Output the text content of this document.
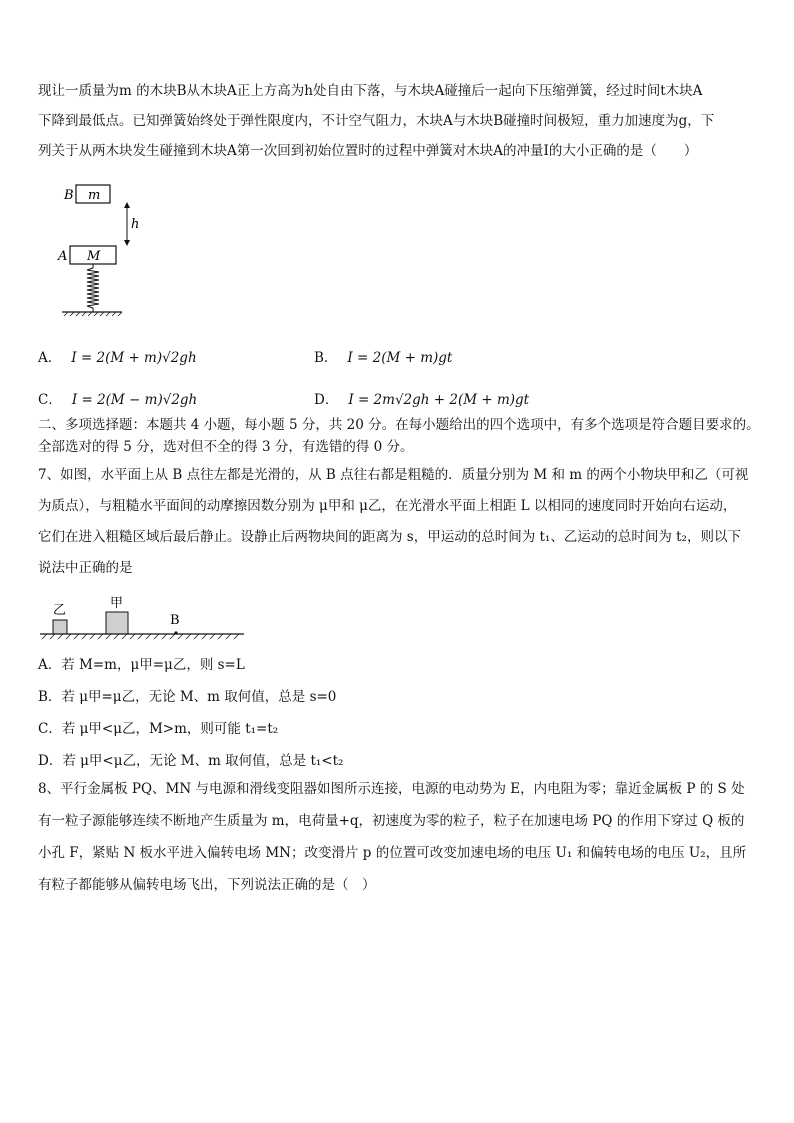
现让一质量为m 的木块B从木块A正上方高为h处自由下落，与木块A碰撞后一起向下压缩弹簧，经过时间t木块A
下降到最低点。已知弹簧始终处于弹性限度内，不计空气阻力，木块A与木块B碰撞时间极短，重力加速度为g，下
列关于从两木块发生碰撞到木块A第一次回到初始位置时的过程中弹簧对木块A的冲量I的大小正确的是（　　）
B m
h
A M
A． I = 2(M + m)√2gh	B． I = 2(M + m)gt
C． I = 2(M − m)√2gh	D． I = 2m√2gh + 2(M + m)gt
二、多项选择题：本题共 4 小题，每小题 5 分，共 20 分。在每小题给出的四个选项中，有多个选项是符合题目要求的。
全部选对的得 5 分，选对但不全的得 3 分，有选错的得 0 分。
7、如图，水平面上从 B 点往左都是光滑的，从 B 点往右都是粗糙的．质量分别为 M 和 m 的两个小物块甲和乙（可视
为质点），与粗糙水平面间的动摩擦因数分别为 μ甲和 μ乙，在光滑水平面上相距 L 以相同的速度同时开始向右运动，
它们在进入粗糙区域后最后静止。设静止后两物块间的距离为 s，甲运动的总时间为 t₁、乙运动的总时间为 t₂，则以下
说法中正确的是
乙	甲
B
A．若 M=m，μ甲=μ乙，则 s=L
B．若 μ甲=μ乙，无论 M、m 取何值，总是 s=0
C．若 μ甲<μ乙，M>m，则可能 t₁=t₂
D．若 μ甲<μ乙，无论 M、m 取何值，总是 t₁<t₂
8、平行金属板 PQ、MN 与电源和滑线变阻器如图所示连接，电源的电动势为 E，内电阻为零；靠近金属板 P 的 S 处
有一粒子源能够连续不断地产生质量为 m，电荷量+q，初速度为零的粒子，粒子在加速电场 PQ 的作用下穿过 Q 板的
小孔 F，紧贴 N 板水平进入偏转电场 MN；改变滑片 p 的位置可改变加速电场的电压 U₁ 和偏转电场的电压 U₂，且所
有粒子都能够从偏转电场飞出，下列说法正确的是（　）
